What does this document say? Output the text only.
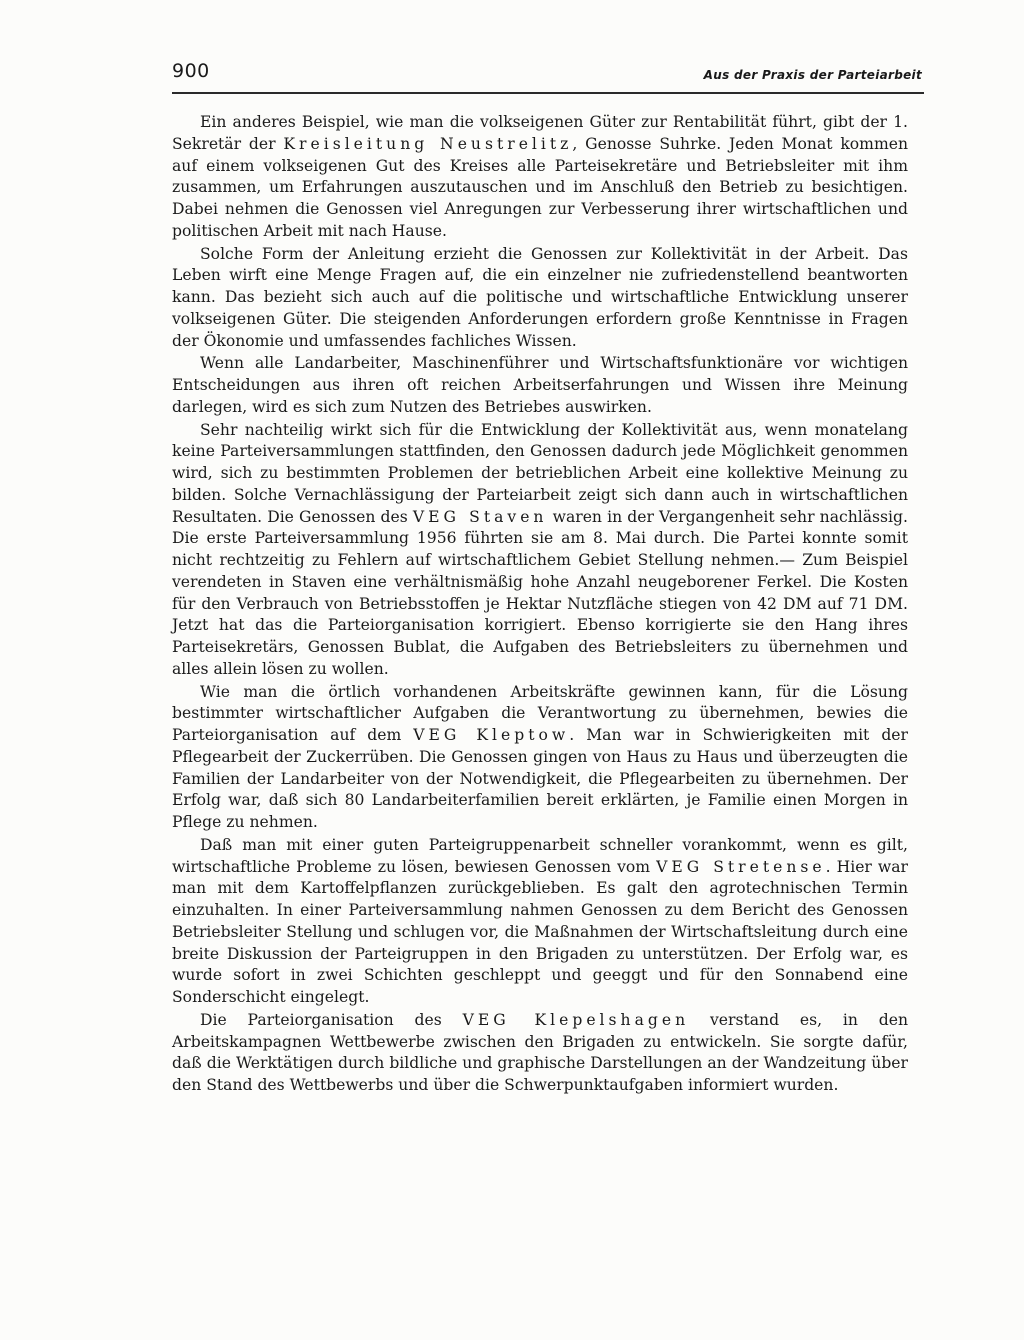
900	Aus der Praxis der Parteiarbeit

Ein anderes Beispiel, wie man die volkseigenen Güter zur Rentabilität führt, gibt der 1. Sekretär der Kreisleitung Neustrelitz, Genosse Suhrke. Jeden Monat kommen auf einem volkseigenen Gut des Kreises alle Parteisekretäre und Betriebsleiter mit ihm zusammen, um Erfahrungen auszutauschen und im Anschluß den Betrieb zu besichtigen. Dabei nehmen die Genossen viel Anregungen zur Verbesserung ihrer wirtschaftlichen und politischen Arbeit mit nach Hause.

Solche Form der Anleitung erzieht die Genossen zur Kollektivität in der Arbeit. Das Leben wirft eine Menge Fragen auf, die ein einzelner nie zufriedenstellend beantworten kann. Das bezieht sich auch auf die politische und wirtschaftliche Entwicklung unserer volkseigenen Güter. Die steigenden Anforderungen erfordern große Kenntnisse in Fragen der Ökonomie und umfassendes fachliches Wissen.

Wenn alle Landarbeiter, Maschinenführer und Wirtschaftsfunktionäre vor wichtigen Entscheidungen aus ihren oft reichen Arbeitserfahrungen und Wissen ihre Meinung darlegen, wird es sich zum Nutzen des Betriebes auswirken.

Sehr nachteilig wirkt sich für die Entwicklung der Kollektivität aus, wenn monatelang keine Parteiversammlungen stattfinden, den Genossen dadurch jede Möglichkeit genommen wird, sich zu bestimmten Problemen der betrieblichen Arbeit eine kollektive Meinung zu bilden. Solche Vernachlässigung der Parteiarbeit zeigt sich dann auch in wirtschaftlichen Resultaten. Die Genossen des VEG Staven waren in der Vergangenheit sehr nachlässig. Die erste Parteiversammlung 1956 führten sie am 8. Mai durch. Die Partei konnte somit nicht rechtzeitig zu Fehlern auf wirtschaftlichem Gebiet Stellung nehmen.— Zum Beispiel verendeten in Staven eine verhältnismäßig hohe Anzahl neugeborener Ferkel. Die Kosten für den Verbrauch von Betriebsstoffen je Hektar Nutzfläche stiegen von 42 DM auf 71 DM. Jetzt hat das die Parteiorganisation korrigiert. Ebenso korrigierte sie den Hang ihres Parteisekretärs, Genossen Bublat, die Aufgaben des Betriebsleiters zu übernehmen und alles allein lösen zu wollen.

Wie man die örtlich vorhandenen Arbeitskräfte gewinnen kann, für die Lösung bestimmter wirtschaftlicher Aufgaben die Verantwortung zu übernehmen, bewies die Parteiorganisation auf dem VEG Kleptow. Man war in Schwierigkeiten mit der Pflegearbeit der Zuckerrüben. Die Genossen gingen von Haus zu Haus und überzeugten die Familien der Landarbeiter von der Notwendigkeit, die Pflegearbeiten zu übernehmen. Der Erfolg war, daß sich 80 Landarbeiterfamilien bereit erklärten, je Familie einen Morgen in Pflege zu nehmen.

Daß man mit einer guten Parteigruppenarbeit schneller vorankommt, wenn es gilt, wirtschaftliche Probleme zu lösen, bewiesen Genossen vom VEG Stretense. Hier war man mit dem Kartoffelpflanzen zurückgeblieben. Es galt den agrotechnischen Termin einzuhalten. In einer Parteiversammlung nahmen Genossen zu dem Bericht des Genossen Betriebsleiter Stellung und schlugen vor, die Maßnahmen der Wirtschaftsleitung durch eine breite Diskussion der Parteigruppen in den Brigaden zu unterstützen. Der Erfolg war, es wurde sofort in zwei Schichten geschleppt und geeggt und für den Sonnabend eine Sonderschicht eingelegt.

Die Parteiorganisation des VEG Klepelshagen verstand es, in den Arbeitskampagnen Wettbewerbe zwischen den Brigaden zu entwickeln. Sie sorgte dafür, daß die Werktätigen durch bildliche und graphische Darstellungen an der Wandzeitung über den Stand des Wettbewerbs und über die Schwerpunktaufgaben informiert wurden.
